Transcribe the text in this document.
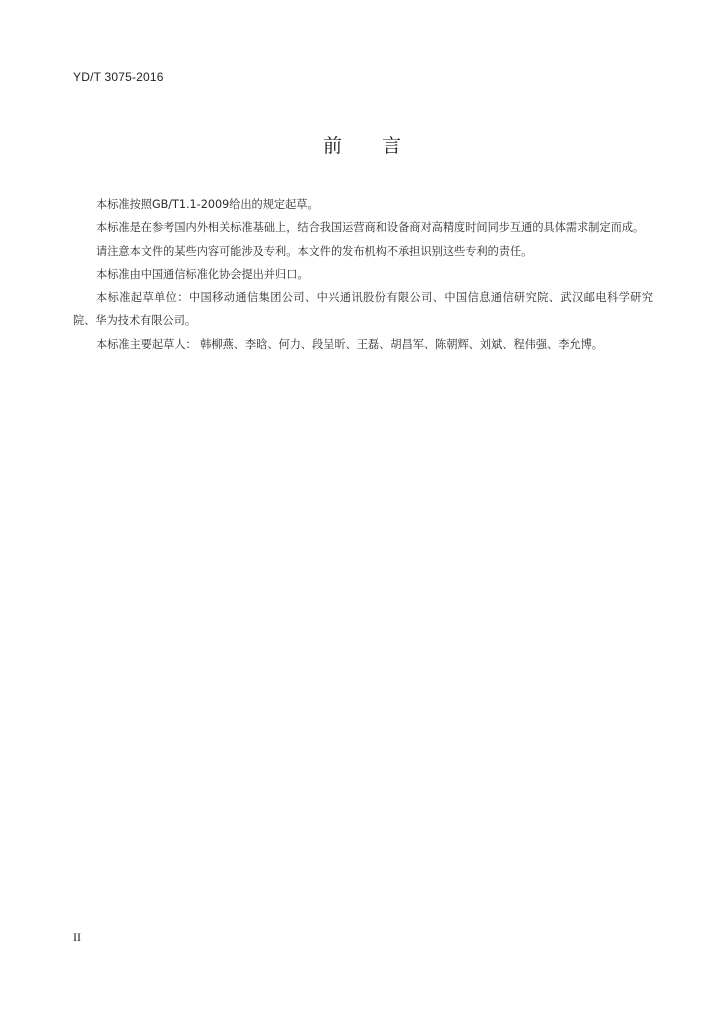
YD/T 3075-2016
前 言

本标准按照GB/T1.1-2009给出的规定起草。

本标准是在参考国内外相关标准基础上，结合我国运营商和设备商对高精度时间同步互通的具体需求制定而成。

请注意本文件的某些内容可能涉及专利。本文件的发布机构不承担识别这些专利的责任。

本标准由中国通信标准化协会提出并归口。

本标准起草单位：中国移动通信集团公司、中兴通讯股份有限公司、中国信息通信研究院、武汉邮电科学研究院、华为技术有限公司。

本标准主要起草人： 韩柳燕、李晗、何力、段呈昕、王磊、胡昌军、陈朝辉、刘斌、程伟强、李允博。

II
